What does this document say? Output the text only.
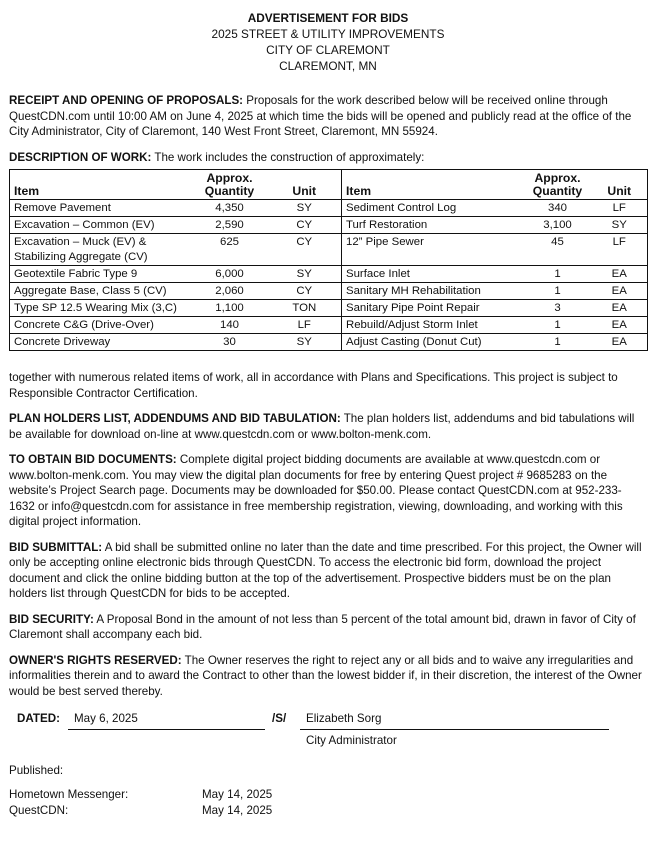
ADVERTISEMENT FOR BIDS
2025 STREET & UTILITY IMPROVEMENTS
CITY OF CLAREMONT
CLAREMONT, MN

RECEIPT AND OPENING OF PROPOSALS: Proposals for the work described below will be received online through QuestCDN.com until 10:00 AM on June 4, 2025 at which time the bids will be opened and publicly read at the office of the City Administrator, City of Claremont, 140 West Front Street, Claremont, MN 55924.

DESCRIPTION OF WORK: The work includes the construction of approximately:

Item	Approx. Quantity	Unit	Item	Approx. Quantity	Unit
Remove Pavement	4,350	SY	Sediment Control Log	340	LF
Excavation – Common (EV)	2,590	CY	Turf Restoration	3,100	SY
Excavation – Muck (EV) & Stabilizing Aggregate (CV)	625	CY	12” Pipe Sewer	45	LF
Geotextile Fabric Type 9	6,000	SY	Surface Inlet	1	EA
Aggregate Base, Class 5 (CV)	2,060	CY	Sanitary MH Rehabilitation	1	EA
Type SP 12.5 Wearing Mix (3,C)	1,100	TON	Sanitary Pipe Point Repair	3	EA
Concrete C&G (Drive-Over)	140	LF	Rebuild/Adjust Storm Inlet	1	EA
Concrete Driveway	30	SY	Adjust Casting (Donut Cut)	1	EA

together with numerous related items of work, all in accordance with Plans and Specifications. This project is subject to Responsible Contractor Certification.

PLAN HOLDERS LIST, ADDENDUMS AND BID TABULATION: The plan holders list, addendums and bid tabulations will be available for download on-line at www.questcdn.com or www.bolton-menk.com.

TO OBTAIN BID DOCUMENTS: Complete digital project bidding documents are available at www.questcdn.com or www.bolton-menk.com. You may view the digital plan documents for free by entering Quest project # 9685283 on the website’s Project Search page. Documents may be downloaded for $50.00. Please contact QuestCDN.com at 952-233-1632 or info@questcdn.com for assistance in free membership registration, viewing, downloading, and working with this digital project information.

BID SUBMITTAL: A bid shall be submitted online no later than the date and time prescribed. For this project, the Owner will only be accepting online electronic bids through QuestCDN. To access the electronic bid form, download the project document and click the online bidding button at the top of the advertisement. Prospective bidders must be on the plan holders list through QuestCDN for bids to be accepted.

BID SECURITY: A Proposal Bond in the amount of not less than 5 percent of the total amount bid, drawn in favor of City of Claremont shall accompany each bid.

OWNER'S RIGHTS RESERVED: The Owner reserves the right to reject any or all bids and to waive any irregularities and informalities therein and to award the Contract to other than the lowest bidder if, in their discretion, the interest of the Owner would be best served thereby.

DATED: May 6, 2025	/S/ Elizabeth Sorg
City Administrator

Published:

Hometown Messenger:	May 14, 2025
QuestCDN:	May 14, 2025
